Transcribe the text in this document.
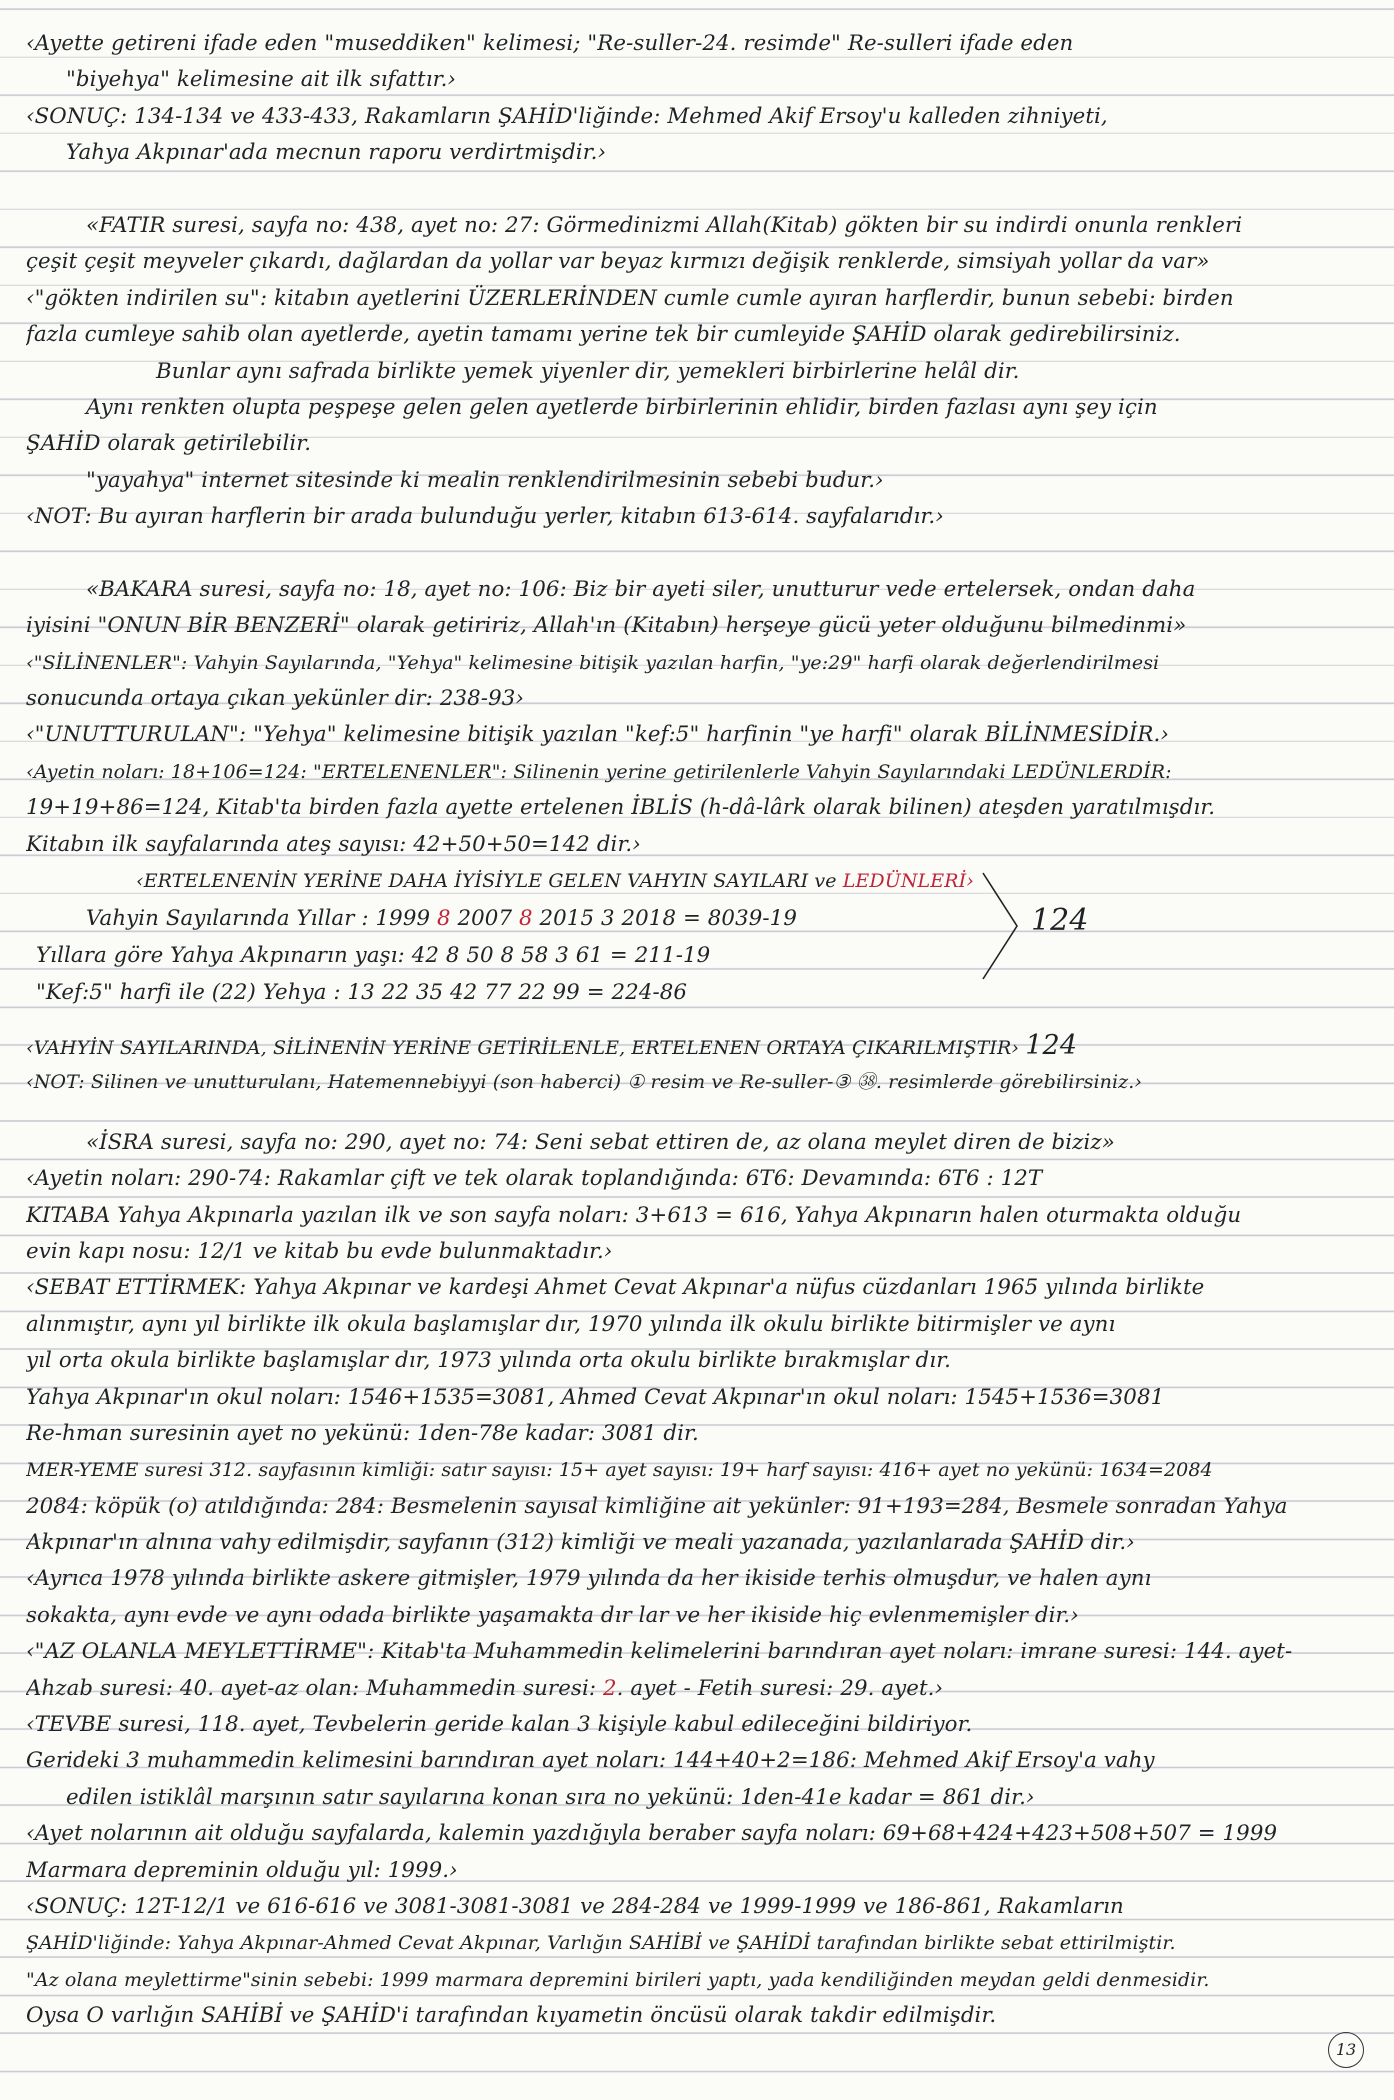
‹Ayette getireni ifade eden "museddiken" kelimesi; "Re-suller-24. resimde" Re-sulleri ifade eden
"biyehya" kelimesine ait ilk sıfattır.›
‹SONUÇ: 134-134 ve 433-433, Rakamların ŞAHİD'liğinde: Mehmed Akif Ersoy'u kalleden zihniyeti,
Yahya Akpınar'ada mecnun raporu verdirtmişdir.›
«FATIR suresi, sayfa no: 438, ayet no: 27: Görmedinizmi Allah(Kitab) gökten bir su indirdi onunla renkleri
çeşit çeşit meyveler çıkardı, dağlardan da yollar var beyaz kırmızı değişik renklerde, simsiyah yollar da var»
‹"gökten indirilen su": kitabın ayetlerini ÜZERLERİNDEN cumle cumle ayıran harflerdir, bunun sebebi: birden
fazla cumleye sahib olan ayetlerde, ayetin tamamı yerine tek bir cumleyide ŞAHİD olarak gedirebilirsiniz.
Bunlar aynı safrada birlikte yemek yiyenler dir, yemekleri birbirlerine helâl dir.
Aynı renkten olupta peşpeşe gelen gelen ayetlerde birbirlerinin ehlidir, birden fazlası aynı şey için
ŞAHİD olarak getirilebilir.
"yayahya" internet sitesinde ki mealin renklendirilmesinin sebebi budur.›
‹NOT: Bu ayıran harflerin bir arada bulunduğu yerler, kitabın 613-614. sayfalarıdır.›
«BAKARA suresi, sayfa no: 18, ayet no: 106: Biz bir ayeti siler, unutturur vede ertelersek, ondan daha
iyisini "ONUN BİR BENZERİ" olarak getiririz, Allah'ın (Kitabın) herşeye gücü yeter olduğunu bilmedinmi»
‹"SİLİNENLER": Vahyin Sayılarında, "Yehya" kelimesine bitişik yazılan harfin, "ye:29" harfi olarak değerlendirilmesi
sonucunda ortaya çıkan yekünler dir: 238-93›
‹"UNUTTURULAN": "Yehya" kelimesine bitişik yazılan "kef:5" harfinin "ye harfi" olarak BİLİNMESİDİR.›
‹Ayetin noları: 18+106=124: "ERTELENENLER": Silinenin yerine getirilenlerle Vahyin Sayılarındaki LEDÜNLERDİR:
19+19+86=124, Kitab'ta birden fazla ayette ertelenen İBLİS (h-dâ-lârk olarak bilinen) ateşden yaratılmışdır.
Kitabın ilk sayfalarında ateş sayısı: 42+50+50=142 dir.›
‹ERTELENENİN YERİNE DAHA İYİSİYLE GELEN VAHYIN SAYILARI ve LEDÜNLERİ›
Vahyin Sayılarında Yıllar : 1999 8 2007 8 2015 3 2018 = 8039-19
Yıllara göre Yahya Akpınarın yaşı: 42 8 50 8 58 3 61 = 211-19
"Kef:5" harfi ile (22) Yehya : 13 22 35 42 77 22 99 = 224-86
124
‹VAHYİN SAYILARINDA, SİLİNENİN YERİNE GETİRİLENLE, ERTELENEN ORTAYA ÇIKARILMIŞTIR› 124
‹NOT: Silinen ve unutturulanı, Hatemennebiyyi (son haberci) ① resim ve Re-suller-③ ㊳. resimlerde görebilirsiniz.›
«İSRA suresi, sayfa no: 290, ayet no: 74: Seni sebat ettiren de, az olana meylet diren de biziz»
‹Ayetin noları: 290-74: Rakamlar çift ve tek olarak toplandığında: 6T6: Devamında: 6T6 : 12T
KITABA Yahya Akpınarla yazılan ilk ve son sayfa noları: 3+613 = 616, Yahya Akpınarın halen oturmakta olduğu
evin kapı nosu: 12/1 ve kitab bu evde bulunmaktadır.›
‹SEBAT ETTİRMEK: Yahya Akpınar ve kardeşi Ahmet Cevat Akpınar'a nüfus cüzdanları 1965 yılında birlikte
alınmıştır, aynı yıl birlikte ilk okula başlamışlar dır, 1970 yılında ilk okulu birlikte bitirmişler ve aynı
yıl orta okula birlikte başlamışlar dır, 1973 yılında orta okulu birlikte bırakmışlar dır.
Yahya Akpınar'ın okul noları: 1546+1535=3081, Ahmed Cevat Akpınar'ın okul noları: 1545+1536=3081
Re-hman suresinin ayet no yekünü: 1den-78e kadar: 3081 dir.
MER-YEME suresi 312. sayfasının kimliği: satır sayısı: 15+ ayet sayısı: 19+ harf sayısı: 416+ ayet no yekünü: 1634=2084
2084: köpük (o) atıldığında: 284: Besmelenin sayısal kimliğine ait yekünler: 91+193=284, Besmele sonradan Yahya
Akpınar'ın alnına vahy edilmişdir, sayfanın (312) kimliği ve meali yazanada, yazılanlarada ŞAHİD dir.›
‹Ayrıca 1978 yılında birlikte askere gitmişler, 1979 yılında da her ikiside terhis olmuşdur, ve halen aynı
sokakta, aynı evde ve aynı odada birlikte yaşamakta dır lar ve her ikiside hiç evlenmemişler dir.›
‹"AZ OLANLA MEYLETTİRME": Kitab'ta Muhammedin kelimelerini barındıran ayet noları: imrane suresi: 144. ayet-
Ahzab suresi: 40. ayet-az olan: Muhammedin suresi: 2. ayet - Fetih suresi: 29. ayet.›
‹TEVBE suresi, 118. ayet, Tevbelerin geride kalan 3 kişiyle kabul edileceğini bildiriyor.
Gerideki 3 muhammedin kelimesini barındıran ayet noları: 144+40+2=186: Mehmed Akif Ersoy'a vahy
edilen istiklâl marşının satır sayılarına konan sıra no yekünü: 1den-41e kadar = 861 dir.›
‹Ayet nolarının ait olduğu sayfalarda, kalemin yazdığıyla beraber sayfa noları: 69+68+424+423+508+507 = 1999
Marmara depreminin olduğu yıl: 1999.›
‹SONUÇ: 12T-12/1 ve 616-616 ve 3081-3081-3081 ve 284-284 ve 1999-1999 ve 186-861, Rakamların
ŞAHİD'liğinde: Yahya Akpınar-Ahmed Cevat Akpınar, Varlığın SAHİBİ ve ŞAHİDİ tarafından birlikte sebat ettirilmiştir.
"Az olana meylettirme"sinin sebebi: 1999 marmara depremini birileri yaptı, yada kendiliğinden meydan geldi denmesidir.
Oysa O varlığın SAHİBİ ve ŞAHİD'i tarafından kıyametin öncüsü olarak takdir edilmişdir.
13
